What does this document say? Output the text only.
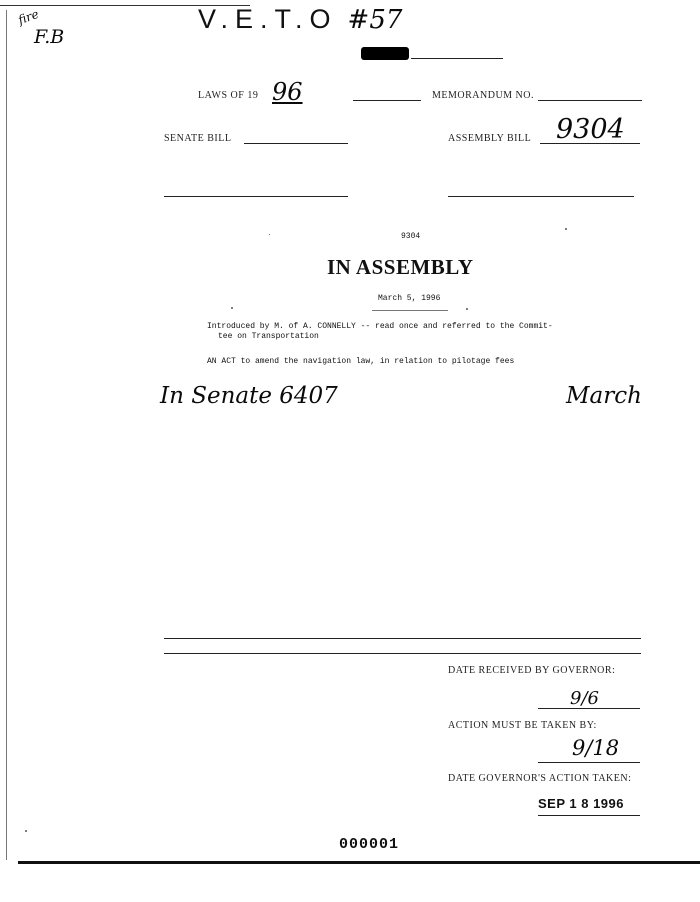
fire
F.B
V.E.T.O #57
LAWS OF 19 96	MEMORANDUM NO.
SENATE BILL	ASSEMBLY BILL 9304
9304
IN ASSEMBLY
March 5, 1996
Introduced by M. of A. CONNELLY -- read once and referred to the Commit-
tee on Transportation
AN ACT to amend the navigation law, in relation to pilotage fees
In Senate 6407	March
DATE RECEIVED BY GOVERNOR:
9/6
ACTION MUST BE TAKEN BY:
9/18
DATE GOVERNOR'S ACTION TAKEN:
SEP 1 8 1996
000001
